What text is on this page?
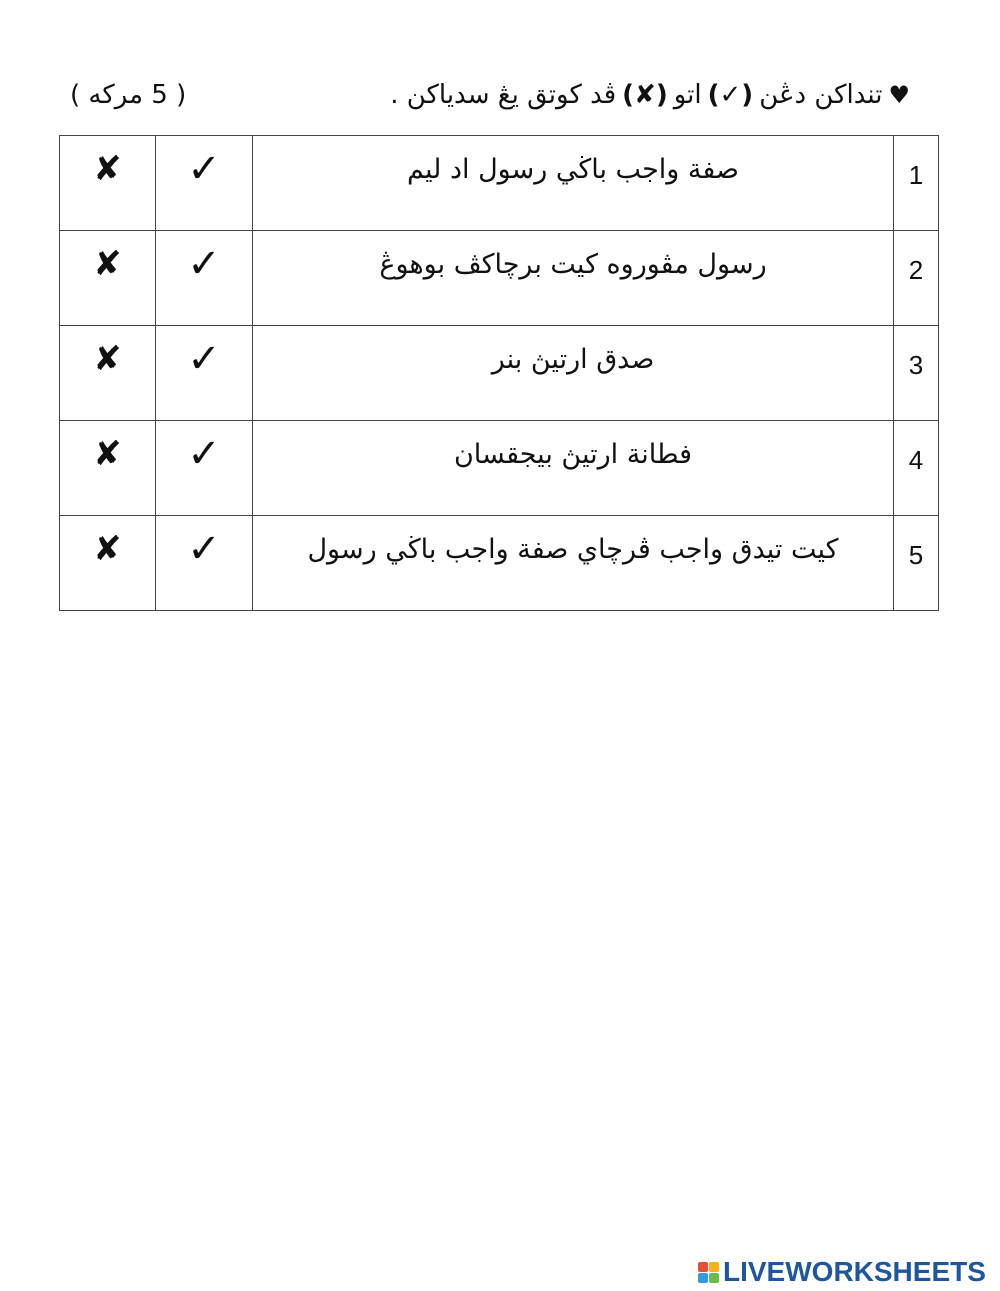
( 5 مرکه )	♥
تنداکن دڠن
(✓)
اتو
(✘)
ڤد كوتق يڠ سدياكن .
✘	✓	صفة واجب باڬي رسول اد ليم	1

✘	✓	رسول مڤوروه کيت برچاکڤ بوهوڠ	2

✘	✓	صدق ارتيڽ بنر	3

✘	✓	فطانة ارتيڽ بيجقسان	4

✘	✓	کيت تيدق واجب ڤرچاي صفة واجب باڬي رسول	5
LIVEWORKSHEETS
